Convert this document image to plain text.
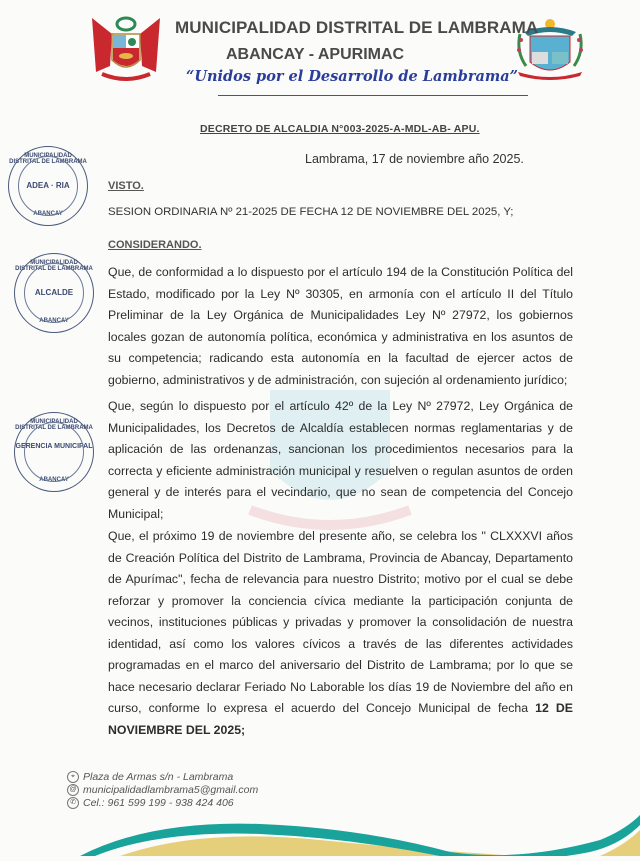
MUNICIPALIDAD DISTRITAL DE LAMBRAMA
ABANCAY - APURIMAC
“Unidos por el Desarrollo de Lambrama”
DECRETO DE ALCALDIA N°003-2025-A-MDL-AB- APU.
Lambrama, 17 de noviembre año 2025.
VISTO.
SESION ORDINARIA Nº 21-2025 DE FECHA 12 DE NOVIEMBRE DEL 2025, Y;
CONSIDERANDO.
Que, de conformidad a lo dispuesto por el artículo 194 de la Constitución Política del Estado, modificado por la Ley Nº 30305, en armonía con el artículo II del Título Preliminar de la Ley Orgánica de Municipalidades Ley Nº 27972, los gobiernos locales gozan de autonomía política, económica y administrativa en los asuntos de su competencia; radicando esta autonomía en la facultad de ejercer actos de gobierno, administrativos y de administración, con sujeción al ordenamiento jurídico;
Que, según lo dispuesto por el artículo 42º de la Ley Nº 27972, Ley Orgánica de Municipalidades, los Decretos de Alcaldía establecen normas reglamentarias y de aplicación de las ordenanzas, sancionan los procedimientos necesarios para la correcta y eficiente administración municipal y resuelven o regulan asuntos de orden general y de interés para el vecindario, que no sean de competencia del Concejo Municipal;
Que, el próximo 19 de noviembre del presente año, se celebra los " CLXXXVI años de Creación Política del Distrito de Lambrama, Provincia de Abancay, Departamento de Apurímac", fecha de relevancia para nuestro Distrito; motivo por el cual se debe reforzar y promover la conciencia cívica mediante la participación conjunta de vecinos, instituciones públicas y privadas y promover la consolidación de nuestra identidad, así como los valores cívicos a través de las diferentes actividades programadas en el marco del aniversario del Distrito de Lambrama; por lo que se hace necesario declarar Feriado No Laborable los días 19 de Noviembre del año en curso, conforme lo expresa el acuerdo del Concejo Municipal de fecha 12 DE NOVIEMBRE DEL 2025;
MUNICIPALIDAD DISTRITAL DE LAMBRAMA
ADEA · RIA
ABANCAY
MUNICIPALIDAD DISTRITAL DE LAMBRAMA
ALCALDE
ABANCAY
MUNICIPALIDAD DISTRITAL DE LAMBRAMA
GERENCIA MUNICIPAL
ABANCAY
⌖ Plaza de Armas s/n - Lambrama
@ municipalidadlambrama5@gmail.com
✆ Cel.: 961 599 199 - 938 424 406
